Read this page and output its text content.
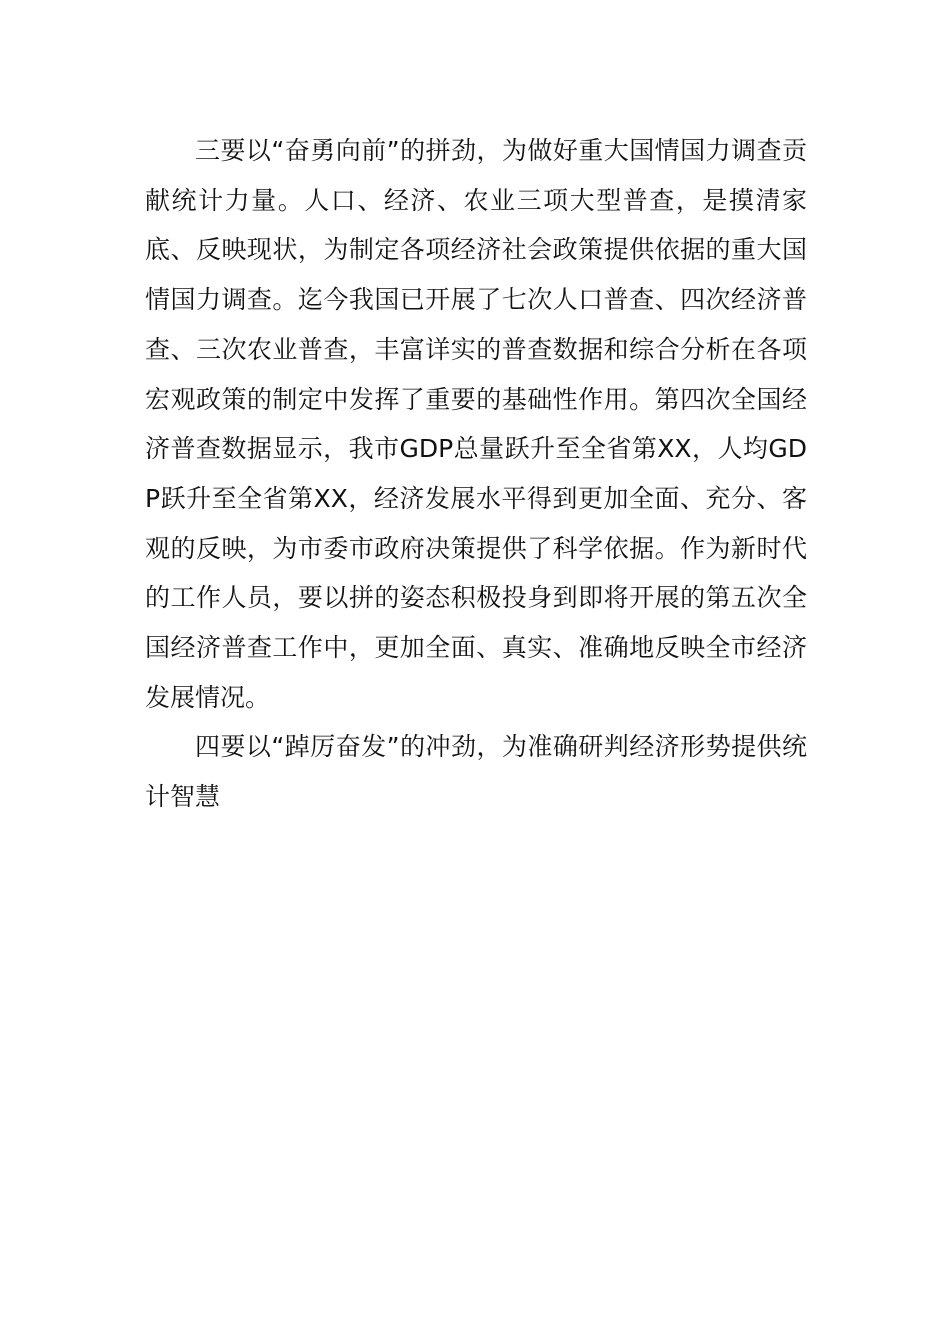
三要以“奋勇向前”的拼劲，为做好重大国情国力调查贡献统计力量。人口、经济、农业三项大型普查，是摸清家底、反映现状，为制定各项经济社会政策提供依据的重大国情国力调查。迄今我国已开展了七次人口普查、四次经济普查、三次农业普查，丰富详实的普查数据和综合分析在各项宏观政策的制定中发挥了重要的基础性作用。第四次全国经济普查数据显示，我市GDP总量跃升至全省第XX，人均GDP跃升至全省第XX，经济发展水平得到更加全面、充分、客观的反映，为市委市政府决策提供了科学依据。作为新时代的工作人员，要以拼的姿态积极投身到即将开展的第五次全国经济普查工作中，更加全面、真实、准确地反映全市经济发展情况。

四要以“踔厉奋发”的冲劲，为准确研判经济形势提供统计智慧
